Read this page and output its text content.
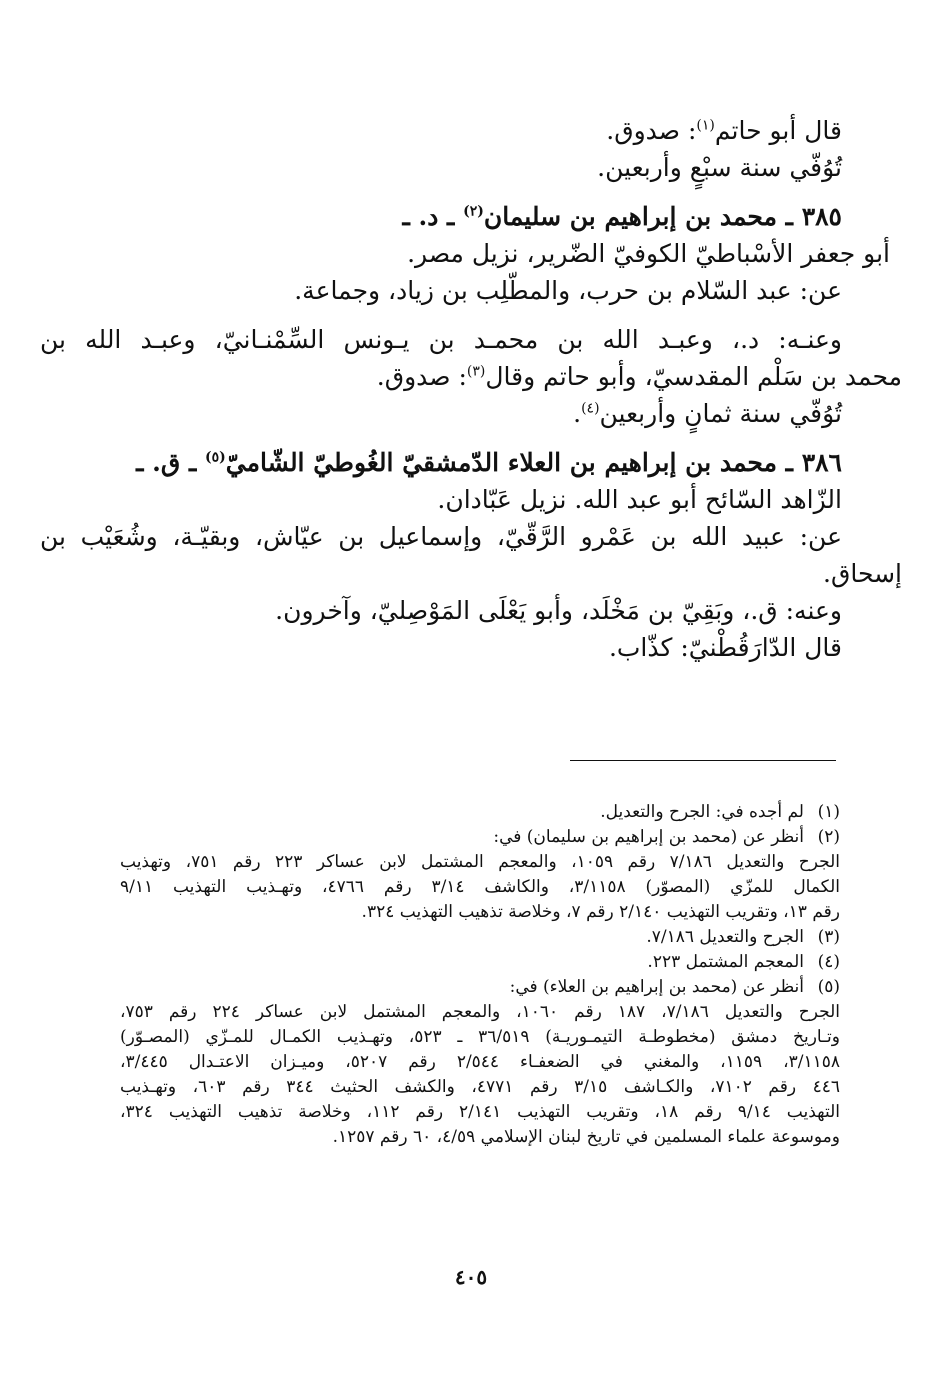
قال أبو حاتم$^{(١)}$: صدوق.
تُوُفّي سنة سبْعٍ وأربعين.
٣٨٥ ـ محمد بن إبراهيم بن سليمان$^{(٢)}$ ـ د. ـ
أبو جعفر الأسْباطيّ الكوفيّ الضّرير، نزيل مصر.
عن: عبد السّلام بن حرب، والمطّلِب بن زياد، وجماعة.
وعنـه: د.، وعبـد الله بن محمـد بن يـونس السِّمْنـانيّ، وعبـد الله بن
محمد بن سَلْم المقدسيّ، وأبو حاتم وقال$^{(٣)}$: صدوق.
تُوُفّي سنة ثمانٍ وأربعين$^{(٤)}$.
٣٨٦ ـ محمد بن إبراهيم بن العلاء الدّمشقيّ الغُوطيّ الشّاميّ$^{(٥)}$ ـ ق. ـ
الزّاهد السّائح أبو عبد الله. نزيل عَبّادان.
عن: عبيد الله بن عَمْرو الرَّقّيّ، وإسماعيل بن عيّاش، وبقيّـة، وشُعَيْب بن
إسحاق.
وعنه: ق.، وبَقِيّ بن مَخْلَد، وأبو يَعْلَى المَوْصِليّ، وآخرون.
قال الدّارَقُطْنيّ: كذّاب.
(١)
لم أجده في: الجرح والتعديل.
(٢)
أنظر عن (محمد بن إبراهيم بن سليمان) في:
الجرح والتعديل ٧/١٨٦ رقم ١٠٥٩، والمعجم المشتمل لابن عساكر ٢٢٣ رقم ٧٥١، وتهذيب
الكمال للمزّي (المصوّر) ٣/١١٥٨، والكاشف ٣/١٤ رقم ٤٧٦٦، وتهـذيب التهذيب ٩/١١
رقم ١٣، وتقريب التهذيب ٢/١٤٠ رقم ٧، وخلاصة تذهيب التهذيب ٣٢٤.
(٣)
الجرح والتعديل ٧/١٨٦.
(٤)
المعجم المشتمل ٢٢٣.
(٥)
أنظر عن (محمد بن إبراهيم بن العلاء) في:
الجرح والتعديل ٧/١٨٦، ١٨٧ رقم ١٠٦٠، والمعجم المشتمل لابن عساكر ٢٢٤ رقم ٧٥٣،
وتـاريخ دمشق (مخطوطـة التيمـوريـة) ٣٦/٥١٩ ـ ٥٢٣، وتهـذيب الكمـال للمـزّي (المصـوّر)
٣/١١٥٨، ١١٥٩، والمغني في الضعفـاء ٢/٥٤٤ رقم ٥٢٠٧، وميـزان الاعتـدال ٣/٤٤٥،
٤٤٦ رقم ٧١٠٢، والكـاشف ٣/١٥ رقم ٤٧٧١، والكشف الحثيث ٣٤٤ رقم ٦٠٣، وتهـذيب
التهذيب ٩/١٤ رقم ١٨، وتقريب التهذيب ٢/١٤١ رقم ١١٢، وخلاصة تذهيب التهذيب ٣٢٤،
وموسوعة علماء المسلمين في تاريخ لبنان الإسلامي ٤/٥٩، ٦٠ رقم ١٢٥٧.
٤٠٥
